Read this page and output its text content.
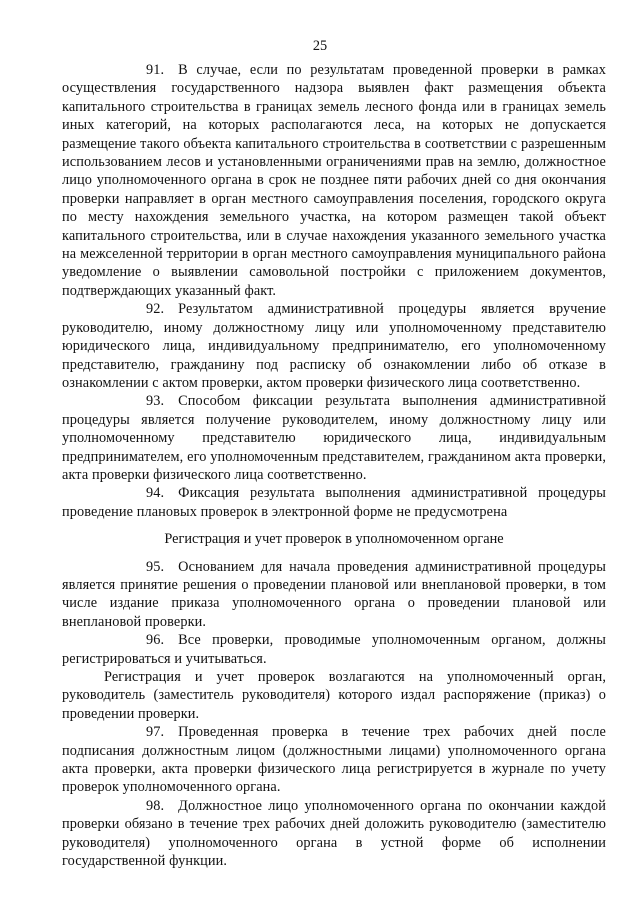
25

91. В случае, если по результатам проведенной проверки в рамках осуществления государственного надзора выявлен факт размещения объекта капитального строительства в границах земель лесного фонда или в границах земель иных категорий, на которых располагаются леса, на которых не допускается размещение такого объекта капитального строительства в соответствии с разрешенным использованием лесов и установленными ограничениями прав на землю, должностное лицо уполномоченного органа в срок не позднее пяти рабочих дней со дня окончания проверки направляет в орган местного самоуправления поселения, городского округа по месту нахождения земельного участка, на котором размещен такой объект капитального строительства, или в случае нахождения указанного земельного участка на межселенной территории в орган местного самоуправления муниципального района уведомление о выявлении самовольной постройки с приложением документов, подтверждающих указанный факт.

92. Результатом административной процедуры является вручение руководителю, иному должностному лицу или уполномоченному представителю юридического лица, индивидуальному предпринимателю, его уполномоченному представителю, гражданину под расписку об ознакомлении либо об отказе в ознакомлении с актом проверки, актом проверки физического лица соответственно.

93. Способом фиксации результата выполнения административной процедуры является получение руководителем, иному должностному лицу или уполномоченному представителю юридического лица, индивидуальным предпринимателем, его уполномоченным представителем, гражданином акта проверки, акта проверки физического лица соответственно.

94. Фиксация результата выполнения административной процедуры проведение плановых проверок в электронной форме не предусмотрена

Регистрация и учет проверок в уполномоченном органе

95. Основанием для начала проведения административной процедуры является принятие решения о проведении плановой или внеплановой проверки, в том числе издание приказа уполномоченного органа о проведении плановой или внеплановой проверки.

96. Все проверки, проводимые уполномоченным органом, должны регистрироваться и учитываться.

Регистрация и учет проверок возлагаются на уполномоченный орган, руководитель (заместитель руководителя) которого издал распоряжение (приказ) о проведении проверки.

97. Проведенная проверка в течение трех рабочих дней после подписания должностным лицом (должностными лицами) уполномоченного органа акта проверки, акта проверки физического лица регистрируется в журнале по учету проверок уполномоченного органа.

98. Должностное лицо уполномоченного органа по окончании каждой проверки обязано в течение трех рабочих дней доложить руководителю (заместителю руководителя) уполномоченного органа в устной форме об исполнении государственной функции.
